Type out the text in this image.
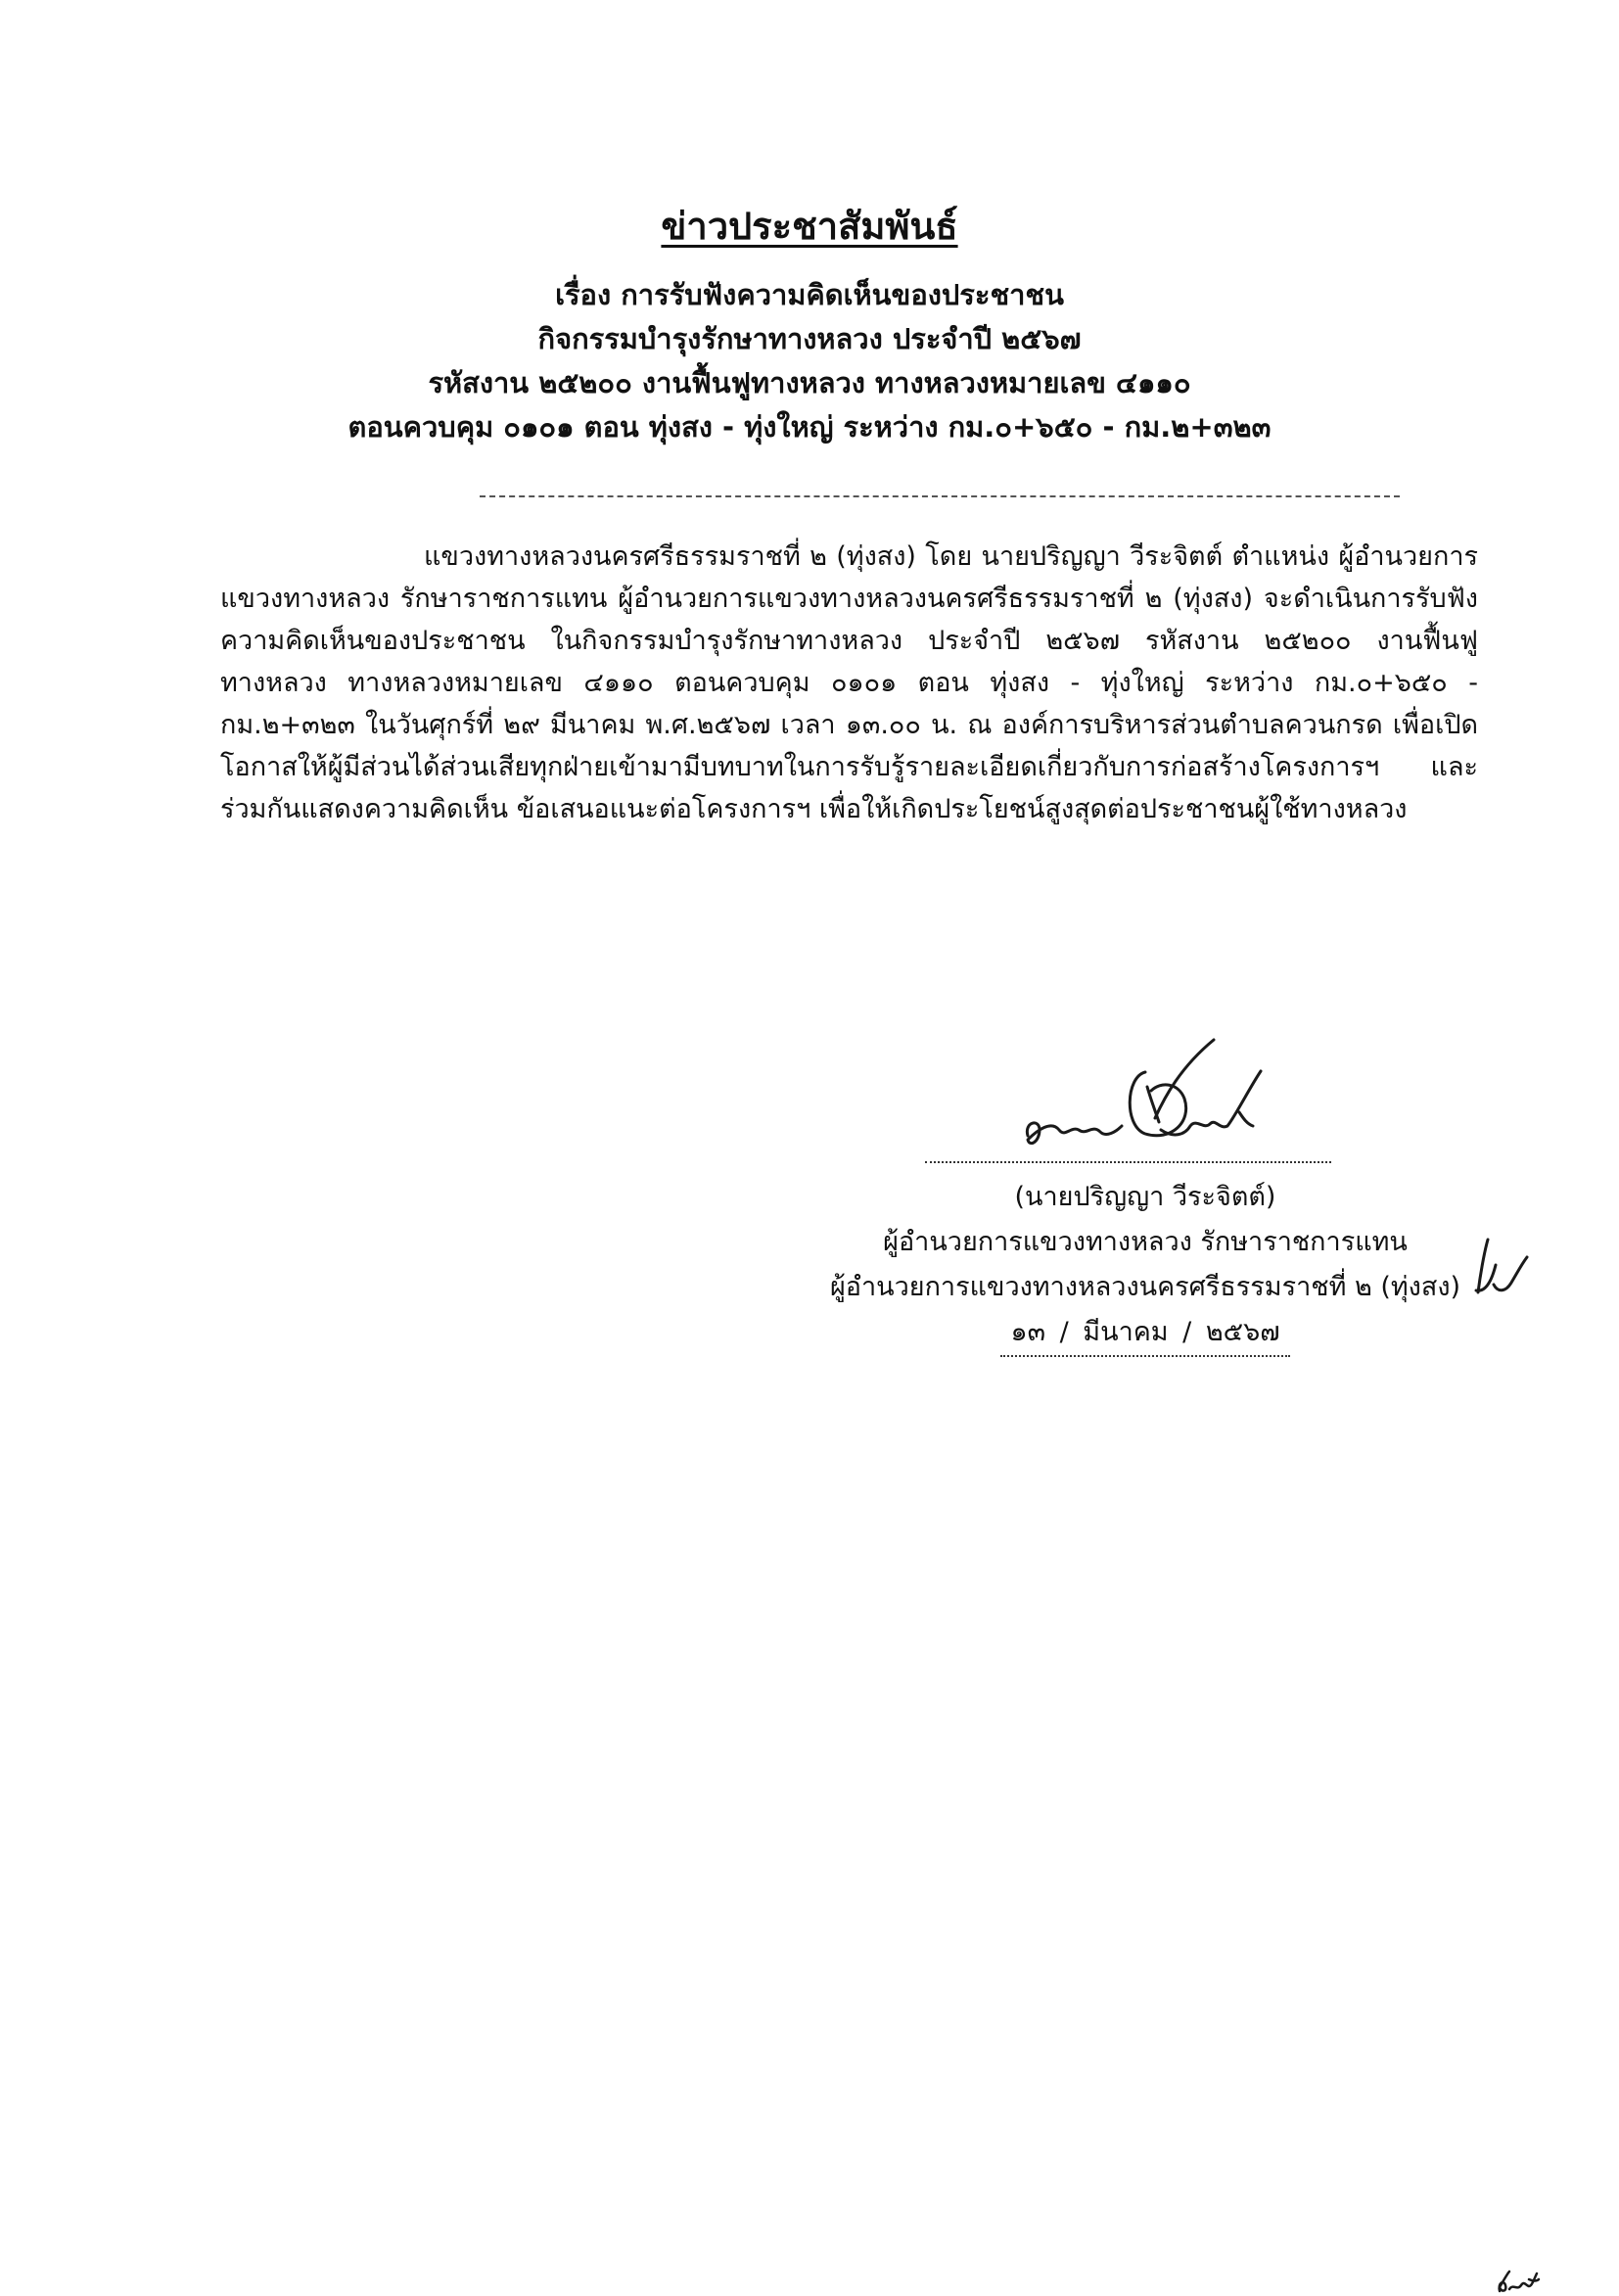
ข่าวประชาสัมพันธ์

เรื่อง การรับฟังความคิดเห็นของประชาชน

กิจกรรมบำรุงรักษาทางหลวง ประจำปี ๒๕๖๗

รหัสงาน ๒๕๒๐๐ งานฟื้นฟูทางหลวง ทางหลวงหมายเลข ๔๑๑๐

ตอนควบคุม ๐๑๐๑ ตอน ทุ่งสง - ทุ่งใหญ่ ระหว่าง กม.๐+๖๕๐ - กม.๒+๓๒๓

แขวงทางหลวงนครศรีธรรมราชที่ ๒ (ทุ่งสง) โดย นายปริญญา วีระจิตต์ ตำแหน่ง ผู้อำนวยการแขวงทางหลวง รักษาราชการแทน ผู้อำนวยการแขวงทางหลวงนครศรีธรรมราชที่ ๒ (ทุ่งสง) จะดำเนินการรับฟังความคิดเห็นของประชาชน ในกิจกรรมบำรุงรักษาทางหลวง ประจำปี ๒๕๖๗ รหัสงาน ๒๕๒๐๐ งานฟื้นฟูทางหลวง ทางหลวงหมายเลข ๔๑๑๐ ตอนควบคุม ๐๑๐๑ ตอน ทุ่งสง - ทุ่งใหญ่ ระหว่าง กม.๐+๖๕๐ - กม.๒+๓๒๓ ในวันศุกร์ที่ ๒๙ มีนาคม พ.ศ.๒๕๖๗ เวลา ๑๓.๐๐ น. ณ องค์การบริหารส่วนตำบลควนกรด เพื่อเปิดโอกาสให้ผู้มีส่วนได้ส่วนเสียทุกฝ่ายเข้ามามีบทบาทในการรับรู้รายละเอียดเกี่ยวกับการก่อสร้างโครงการฯ และร่วมกันแสดงความคิดเห็น ข้อเสนอแนะต่อโครงการฯ เพื่อให้เกิดประโยชน์สูงสุดต่อประชาชนผู้ใช้ทางหลวง

(นายปริญญา วีระจิตต์)

ผู้อำนวยการแขวงทางหลวง รักษาราชการแทน

ผู้อำนวยการแขวงทางหลวงนครศรีธรรมราชที่ ๒ (ทุ่งสง)

๑๓ / มีนาคม / ๒๕๖๗
